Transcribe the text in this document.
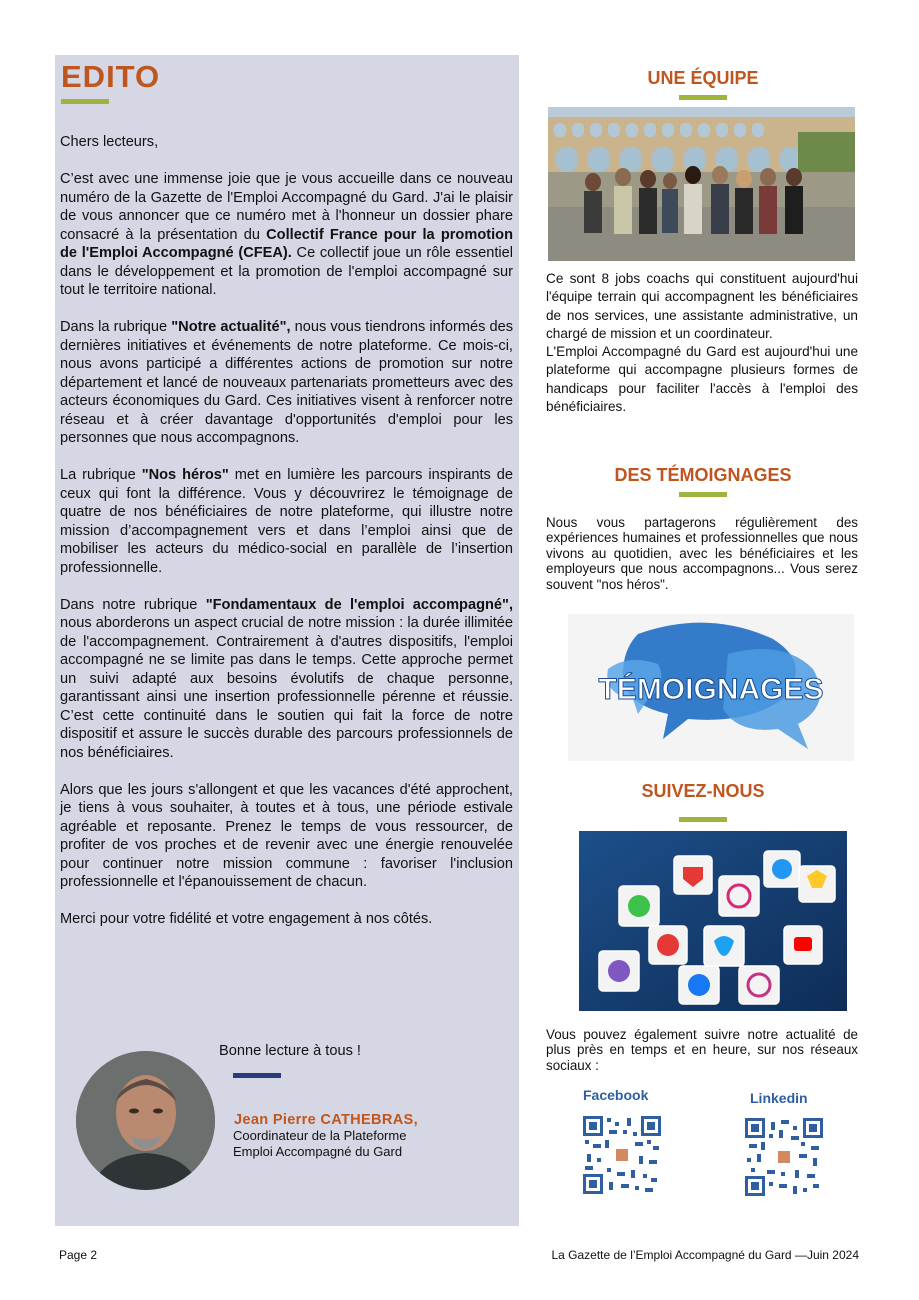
EDITO

Chers lecteurs,

C’est avec une immense joie que je vous accueille dans ce nouveau numéro de la Gazette de l'Emploi Accompagné du Gard. J'ai le plaisir de vous annoncer que ce numéro met à l'honneur un dossier phare consacré à la présentation du Collectif France pour la promotion de l'Emploi Accompagné (CFEA). Ce collectif joue un rôle essentiel dans le développement et la promotion de l'emploi accompagné sur tout le territoire national.

Dans la rubrique "Notre actualité", nous vous tiendrons informés des dernières initiatives et événements de notre plateforme. Ce mois-ci, nous avons participé a différentes actions de promotion sur notre département et lancé de nouveaux partenariats prometteurs avec des acteurs économiques du Gard. Ces initiatives visent à renforcer notre réseau et à créer davantage d'opportunités d'emploi pour les personnes que nous accompagnons.

La rubrique "Nos héros" met en lumière les parcours inspirants de ceux qui font la différence. Vous y découvrirez le témoignage de quatre de nos bénéficiaires de notre plateforme, qui illustre notre mission d’accompagnement vers et dans l’emploi ainsi que de mobiliser les acteurs du médico-social en parallèle de l’insertion professionnelle.

Dans notre rubrique "Fondamentaux de l'emploi accompagné", nous aborderons un aspect crucial de notre mission : la durée illimitée de l'accompagnement. Contrairement à d'autres dispositifs, l'emploi accompagné ne se limite pas dans le temps. Cette approche permet un suivi adapté aux besoins évolutifs de chaque personne, garantissant ainsi une insertion professionnelle pérenne et réussie. C’est cette continuité dans le soutien qui fait la force de notre dispositif et assure le succès durable des parcours professionnels de nos bénéficiaires.

Alors que les jours s'allongent et que les vacances d'été approchent, je tiens à vous souhaiter, à toutes et à tous, une période estivale agréable et reposante. Prenez le temps de vous ressourcer, de profiter de vos proches et de revenir avec une énergie renouvelée pour continuer notre mission commune : favoriser l'inclusion professionnelle et l'épanouissement de chacun.

Merci pour votre fidélité et votre engagement à nos côtés.

Bonne lecture à tous !
Jean Pierre CATHEBRAS,
Coordinateur de la Plateforme
Emploi Accompagné du Gard
UNE ÉQUIPE
Ce sont 8 jobs coachs qui constituent aujourd'hui l'équipe terrain qui accompagnent les bénéficiaires de nos services, une assistante administrative, un chargé de mission et un coordinateur.
L'Emploi Accompagné du Gard est aujourd'hui une plateforme qui accompagne plusieurs formes de handicaps pour faciliter l'accès à l'emploi des bénéficiaires.
DES TÉMOIGNAGES
Nous vous partagerons régulièrement des expériences humaines et professionnelles que nous vivons au quotidien, avec les bénéficiaires et les employeurs que nous accompagnons... Vous serez souvent "nos héros".
TÉMOIGNAGES
SUIVEZ-NOUS
Vous pouvez également suivre notre actualité de plus près en temps et en heure, sur nos réseaux sociaux :
Facebook	Linkedin
Page 2	La Gazette de l’Emploi Accompagné du Gard —Juin 2024
